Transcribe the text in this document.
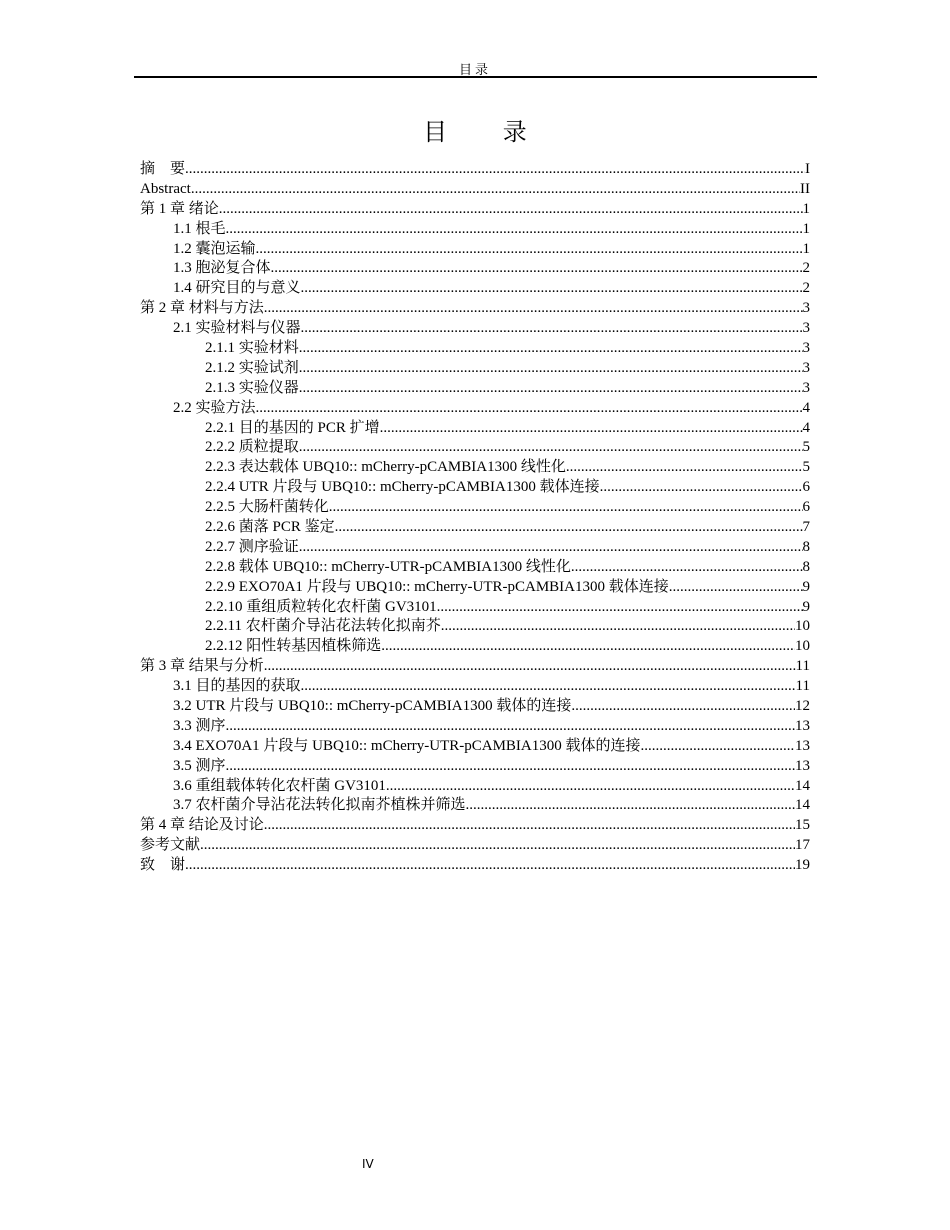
目录
目 录
摘　要 .....	I
Abstract .....	II
第 1 章 绪论 .....	1
1.1 根毛 .....	1
1.2 囊泡运输 .....	1
1.3 胞泌复合体 .....	2
1.4 研究目的与意义 .....	2
第 2 章 材料与方法 .....	3
2.1 实验材料与仪器 .....	3
2.1.1 实验材料 .....	3
2.1.2 实验试剂 .....	3
2.1.3 实验仪器 .....	3
2.2 实验方法 .....	4
2.2.1 目的基因的 PCR 扩增 .....	4
2.2.2 质粒提取 .....	5
2.2.3 表达载体 UBQ10:: mCherry-pCAMBIA1300 线性化 .....	5
2.2.4 UTR 片段与 UBQ10:: mCherry-pCAMBIA1300 载体连接 .....	6
2.2.5 大肠杆菌转化 .....	6
2.2.6 菌落 PCR 鉴定 .....	7
2.2.7 测序验证 .....	8
2.2.8 载体 UBQ10:: mCherry-UTR-pCAMBIA1300 线性化 .....	8
2.2.9 EXO70A1 片段与 UBQ10:: mCherry-UTR-pCAMBIA1300 载体连接 .....	9
2.2.10 重组质粒转化农杆菌 GV3101 .....	9
2.2.11 农杆菌介导沾花法转化拟南芥 .....	10
2.2.12 阳性转基因植株筛选 .....	10
第 3 章 结果与分析 .....	11
3.1 目的基因的获取 .....	11
3.2 UTR 片段与 UBQ10:: mCherry-pCAMBIA1300 载体的连接 .....	12
3.3 测序 .....	13
3.4 EXO70A1 片段与 UBQ10:: mCherry-UTR-pCAMBIA1300 载体的连接 .....	13
3.5 测序 .....	13
3.6 重组载体转化农杆菌 GV3101 .....	14
3.7 农杆菌介导沾花法转化拟南芥植株并筛选 .....	14
第 4 章 结论及讨论 .....	15
参考文献 .....	17
致　谢 .....	19
IV
